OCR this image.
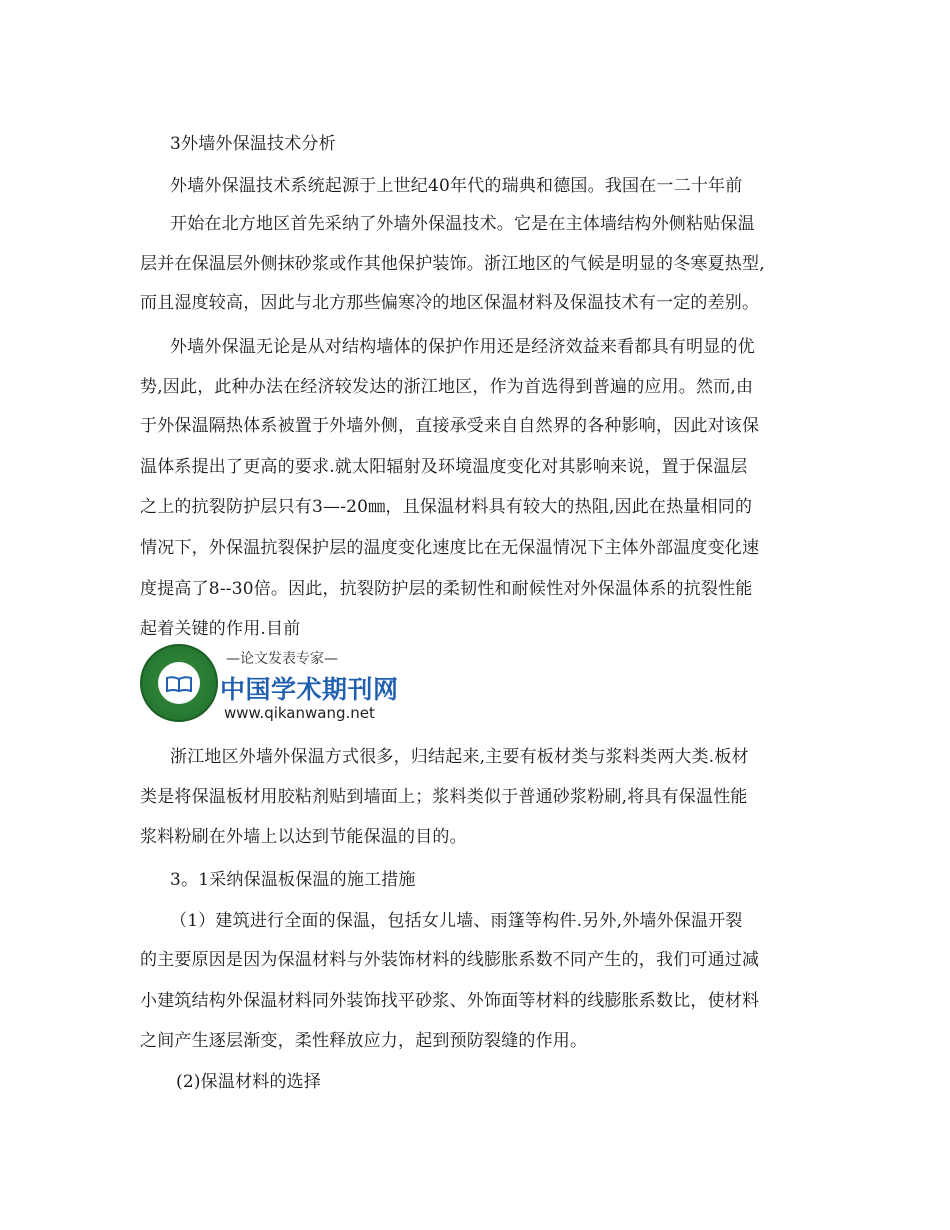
3外墙外保温技术分析
外墙外保温技术系统起源于上世纪40年代的瑞典和德国。我国在一二十年前
开始在北方地区首先采纳了外墙外保温技术。它是在主体墙结构外侧粘贴保温
层并在保温层外侧抹砂浆或作其他保护装饰。浙江地区的气候是明显的冬寒夏热型,
而且湿度较高，因此与北方那些偏寒冷的地区保温材料及保温技术有一定的差别。
外墙外保温无论是从对结构墙体的保护作用还是经济效益来看都具有明显的优
势,因此，此种办法在经济较发达的浙江地区，作为首选得到普遍的应用。然而,由
于外保温隔热体系被置于外墙外侧，直接承受来自自然界的各种影响，因此对该保
温体系提出了更高的要求.就太阳辐射及环境温度变化对其影响来说，置于保温层
之上的抗裂防护层只有3—-20㎜，且保温材料具有较大的热阻,因此在热量相同的
情况下，外保温抗裂保护层的温度变化速度比在无保温情况下主体外部温度变化速
度提高了8--30倍。因此，抗裂防护层的柔韧性和耐候性对外保温体系的抗裂性能
起着关键的作用.目前
—论文发表专家—
中国学术期刊网
www.qikanwang.net
浙江地区外墙外保温方式很多，归结起来,主要有板材类与浆料类两大类.板材
类是将保温板材用胶粘剂贴到墙面上；浆料类似于普通砂浆粉刷,将具有保温性能
浆料粉刷在外墙上以达到节能保温的目的。
3。1采纳保温板保温的施工措施
（1）建筑进行全面的保温，包括女儿墙、雨篷等构件.另外,外墙外保温开裂
的主要原因是因为保温材料与外装饰材料的线膨胀系数不同产生的，我们可通过减
小建筑结构外保温材料同外装饰找平砂浆、外饰面等材料的线膨胀系数比，使材料
之间产生逐层渐变，柔性释放应力，起到预防裂缝的作用。
(2)保温材料的选择
